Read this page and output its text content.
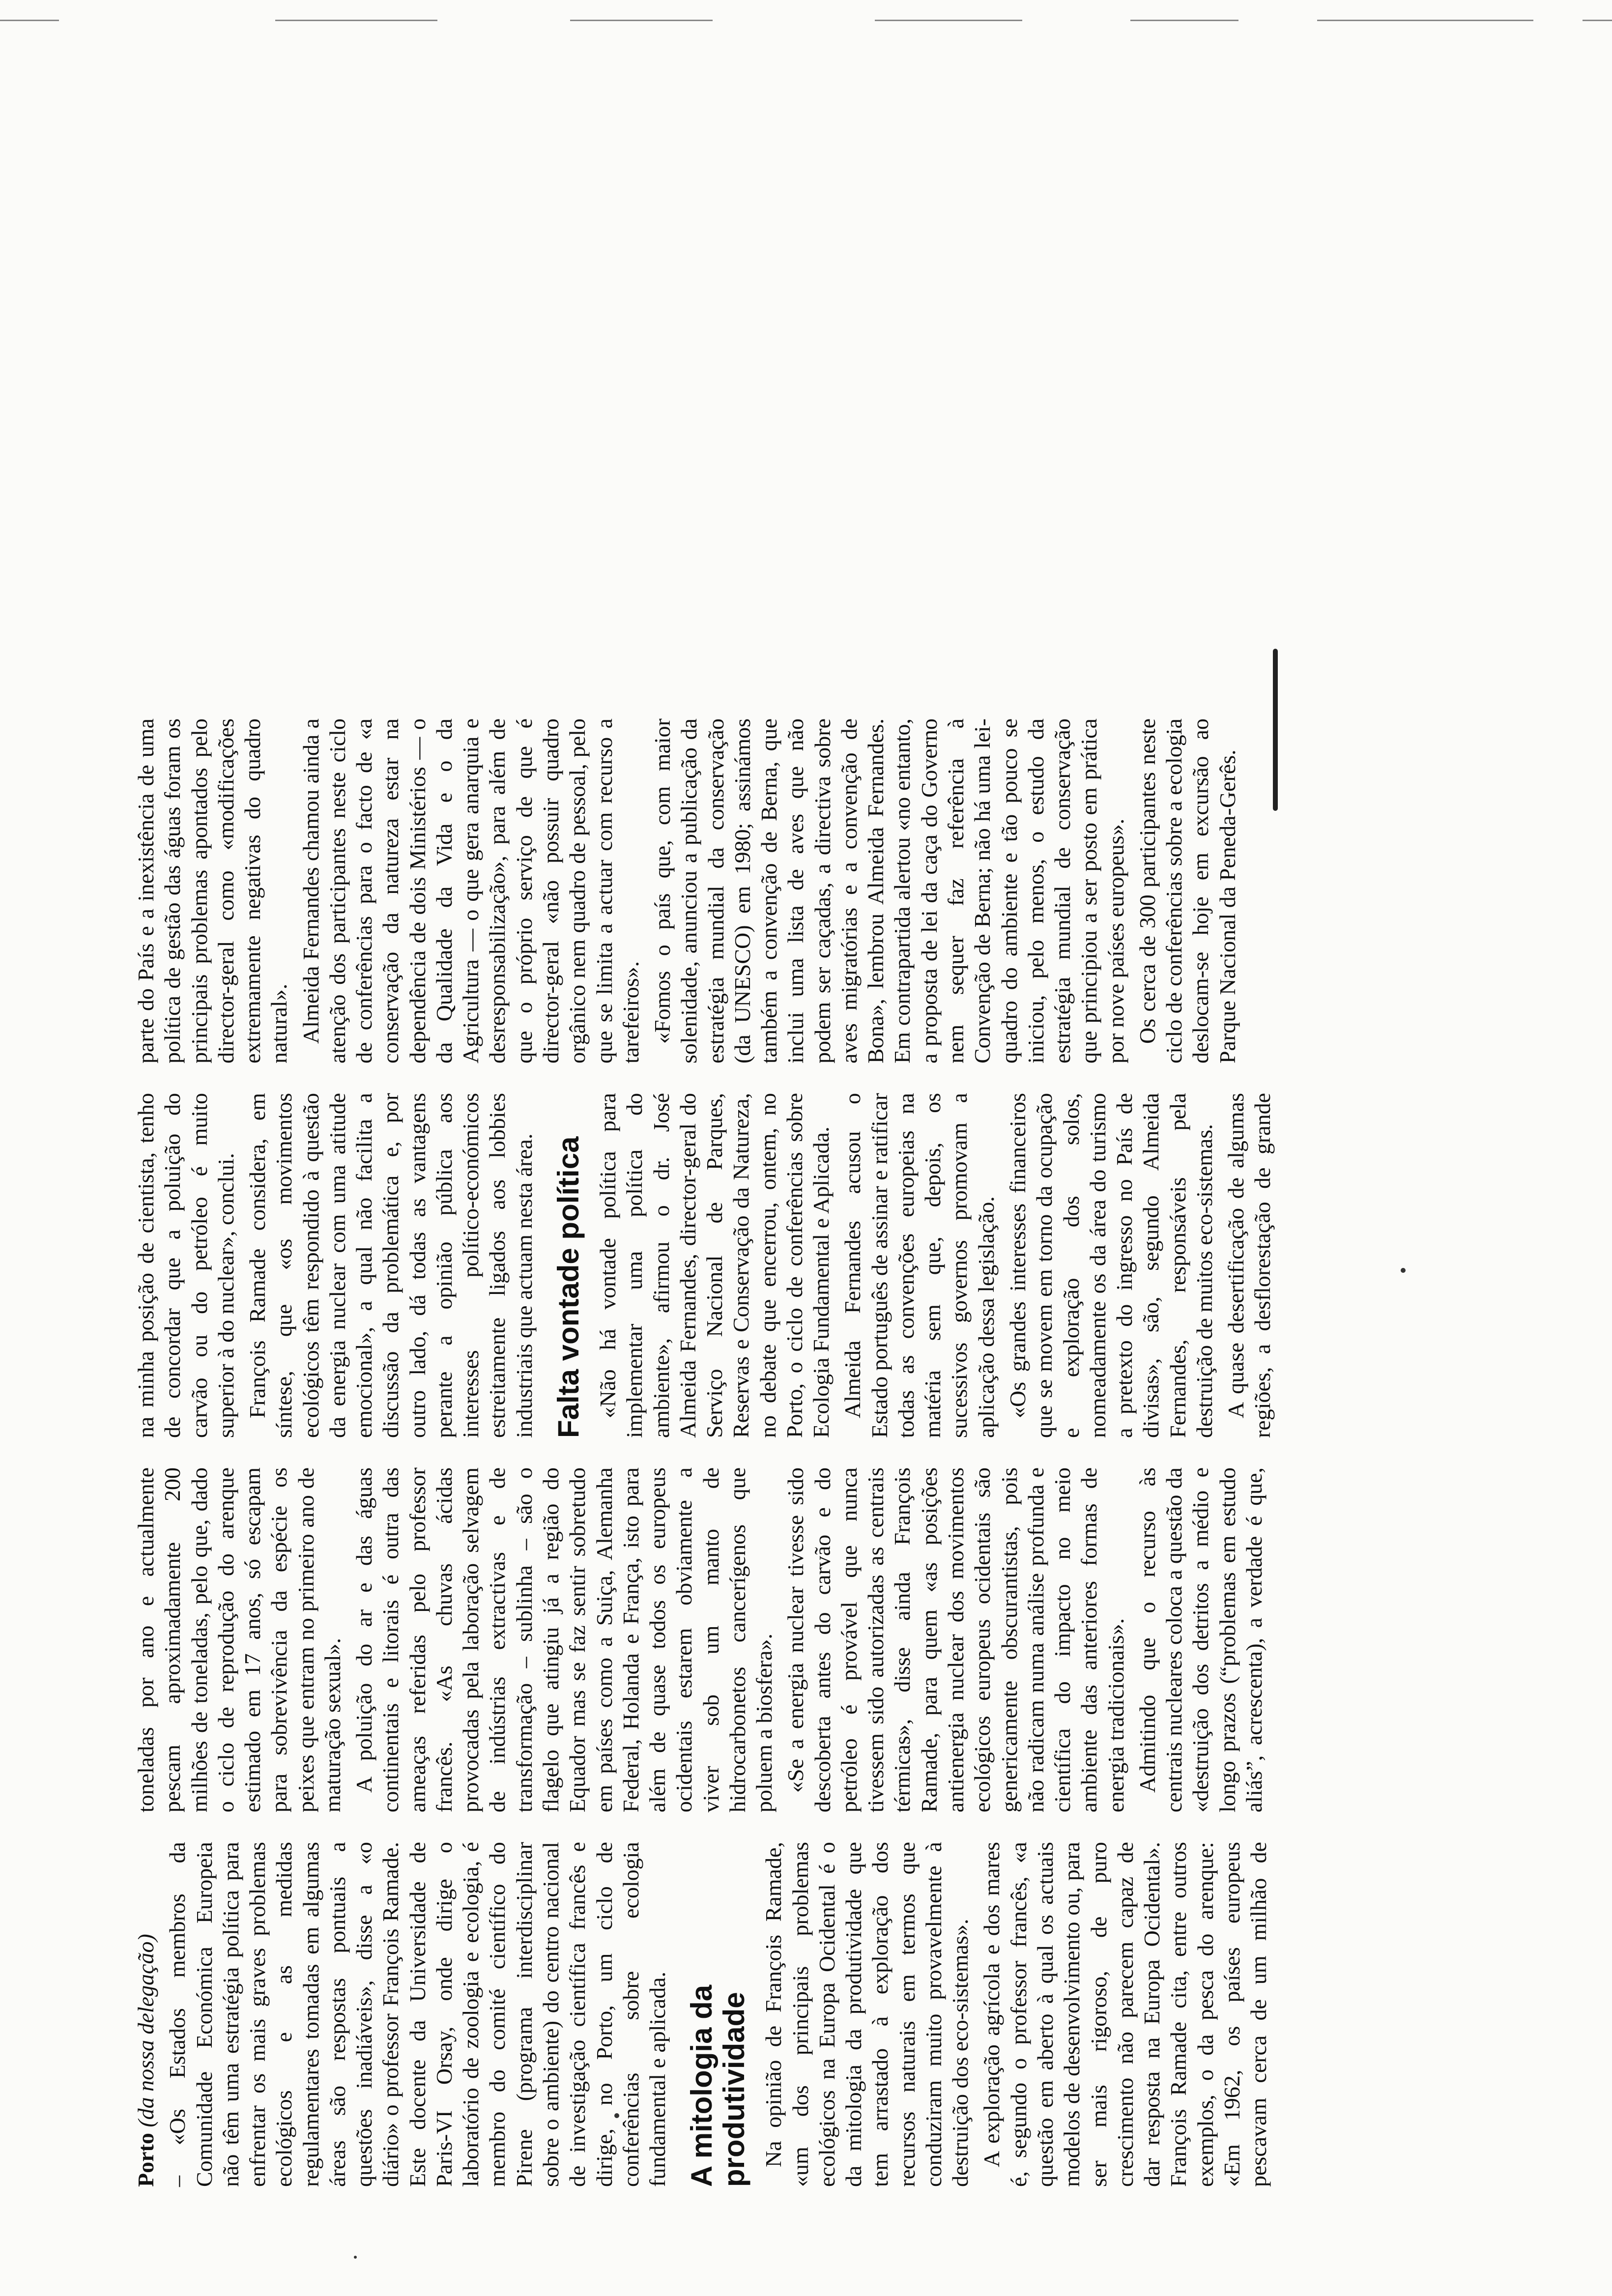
Porto (da nossa delegação) – «Os Estados membros da Comunidade Económica Europeia não têm uma estratégia política para enfrentar os mais graves problemas ecológicos e as medidas regulamentares tomadas em algumas áreas são respostas pontuais a questões inadiáveis», disse a «o diário» o professor François Ramade. Este docente da Universidade de Paris-VI Orsay, onde dirige o laboratório de zoologia e ecologia, é membro do comité científico do Pirene (programa interdisciplinar sobre o ambiente) do centro nacional de investigação científica francês e dirige, no Porto, um ciclo de conferências sobre ecologia fundamental e aplicada. A mitologia da produtividade Na opinião de François Ramade, «um dos principais problemas ecológicos na Europa Ocidental é o da mitologia da produtividade que tem arrastado à exploração dos recursos naturais em termos que conduziram muito provavelmente à destruição dos eco-sistemas». A exploração agrícola e dos mares é, segundo o professor francês, «a questão em aberto à qual os actuais modelos de desenvolvimento ou, para ser mais rigoroso, de puro crescimento não parecem capaz de dar resposta na Europa Ocidental». François Ramade cita, entre outros exemplos, o da pesca do arenque: «Em 1962, os países europeus pescavam cerca de um milhão de toneladas por ano e actualmente pescam aproximadamente 200 milhões de toneladas, pelo que, dado o ciclo de reprodução do arenque estimado em 17 anos, só escapam para sobrevivência da espécie os peixes que entram no primeiro ano de maturação sexual». A poluição do ar e das águas continentais e litorais é outra das ameaças referidas pelo professor francês. «As chuvas ácidas provocadas pela laboração selvagem de indústrias extractivas e de transformação – sublinha – são o flagelo que atingiu já a região do Equador mas se faz sentir sobretudo em países como a Suiça, Alemanha Federal, Holanda e França, isto para além de quase todos os europeus ocidentais estarem obviamente a viver sob um manto de hidrocarbonetos cancerígenos que poluem a biosfera». «Se a energia nuclear tivesse sido descoberta antes do carvão e do petróleo é provável que nunca tivessem sido autorizadas as centrais térmicas», disse ainda François Ramade, para quem «as posições antienergia nuclear dos movimentos ecológicos europeus ocidentais são genericamente obscurantistas, pois não radicam numa análise profunda e científica do impacto no meio ambiente das anteriores formas de energia tradicionais». Admitindo que o recurso às centrais nucleares coloca a questão da «destruição dos detritos a médio e longo prazos (“problemas em estudo aliás”, acrescenta), a verdade é que, na minha posição de cientista, tenho de concordar que a poluição do carvão ou do petróleo é muito superior à do nuclear», conclui. François Ramade considera, em síntese, que «os movimentos ecológicos têm respondido à questão da energia nuclear com uma atitude emocional», a qual não facilita a discussão da problemática e, por outro lado, dá todas as vantagens perante a opinião pública aos interesses político-económicos estreitamente ligados aos lobbies industriais que actuam nesta área. Falta vontade política «Não há vontade política para implementar uma política do ambiente», afirmou o dr. José Almeida Fernandes, director-geral do Serviço Nacional de Parques, Reservas e Conservação da Natureza, no debate que encerrou, ontem, no Porto, o ciclo de conferências sobre Ecologia Fundamental e Aplicada. Almeida Fernandes acusou o Estado português de assinar e ratificar todas as convenções europeias na matéria sem que, depois, os sucessivos governos promovam a aplicação dessa legislação. «Os grandes interesses financeiros que se movem em torno da ocupação e exploração dos solos, nomeadamente os da área do turismo a pretexto do ingresso no País de divisas», são, segundo Almeida Fernandes, responsáveis pela destruição de muitos eco-sistemas. A quase desertificação de algumas regiões, a desflorestação de grande parte do País e a inexistência de uma política de gestão das águas foram os principais problemas apontados pelo director-geral como «modificações extremamente negativas do quadro natural». Almeida Fernandes chamou ainda a atenção dos participantes neste ciclo de conferências para o facto de «a conservação da natureza estar na dependência de dois Ministérios — o da Qualidade da Vida e o da Agricultura — o que gera anarquia e desresponsabilização», para além de que o próprio serviço de que é director-geral «não possuir quadro orgânico nem quadro de pessoal, pelo que se limita a actuar com recurso a tarefeiros». «Fomos o país que, com maior solenidade, anunciou a publicação da estratégia mundial da conservação (da UNESCO) em 1980; assinámos também a convenção de Berna, que inclui uma lista de aves que não podem ser caçadas, a directiva sobre aves migratórias e a convenção de Bona», lembrou Almeida Fernandes. Em contrapartida alertou «no entanto, a proposta de lei da caça do Governo nem sequer faz referência à Convenção de Berna; não há uma lei-quadro do ambiente e tão pouco se iniciou, pelo menos, o estudo da estratégia mundial de conservação que principiou a ser posto em prática por nove países europeus». Os cerca de 300 participantes neste ciclo de conferências sobre a ecologia deslocam-se hoje em excursão ao Parque Nacional da Peneda-Gerês.
